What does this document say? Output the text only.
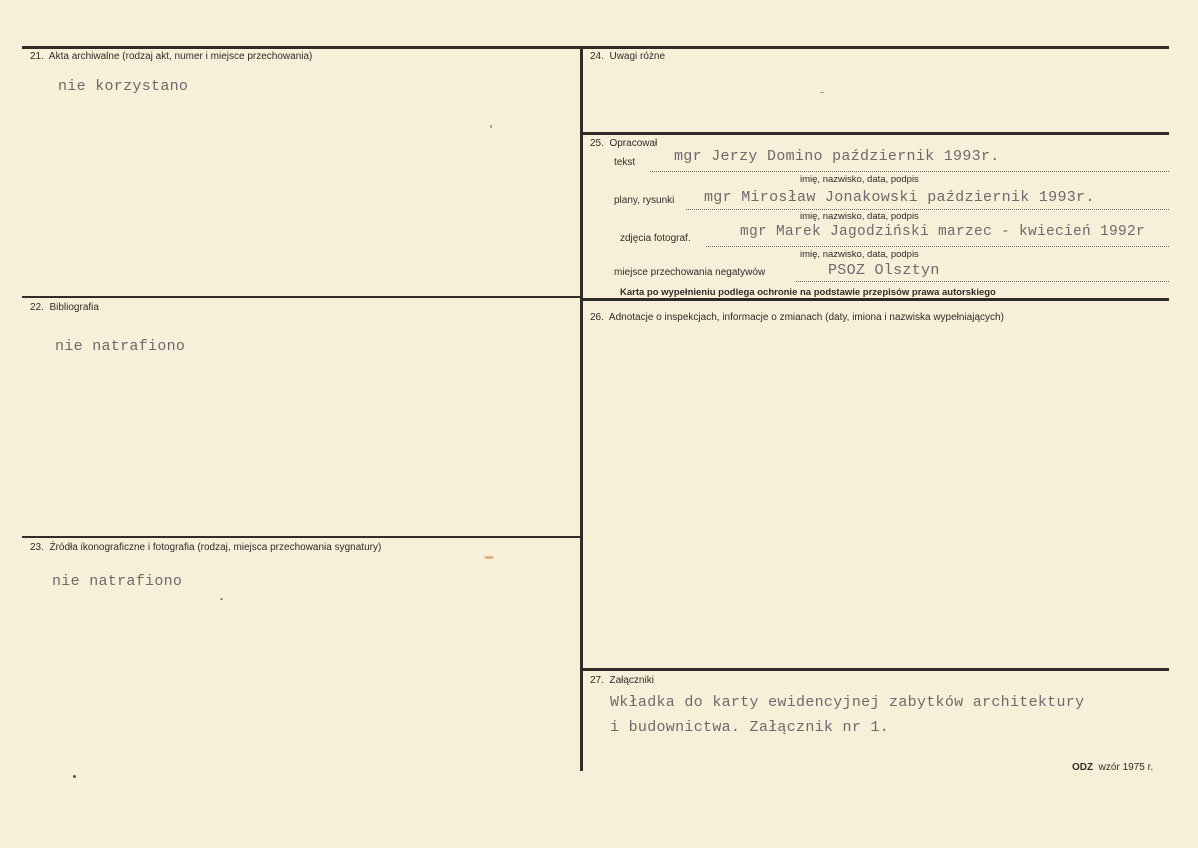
21. Akta archiwalne (rodzaj akt, numer i miejsce przechowania)
nie korzystano
22. Bibliografia
nie natrafiono
23. Źródła ikonograficzne i fotografia (rodzaj, miejsca przechowania sygnatury)
nie natrafiono
24. Uwagi różne
25. Opracował
tekst	mgr Jerzy Domino październik 1993r.
imię, nazwisko, data, podpis
plany, rysunki mgr Mirosław Jonakowski październik 1993r.
imię, nazwisko, data, podpis
zdjęcia fotograf.	mgr Marek Jagodziński marzec - kwiecień 1992r
imię, nazwisko, data, podpis
miejsce przechowania negatywów	PSOZ Olsztyn
Karta po wypełnieniu podlega ochronie na podstawie przepisów prawa autorskiego
26. Adnotacje o inspekcjach, informacje o zmianach (daty, imiona i nazwiska wypełniających)
27. Załączniki
Wkładka do karty ewidencyjnej zabytków architektury
i budownictwa. Załącznik nr 1.
ODZ wzór 1975 r.
